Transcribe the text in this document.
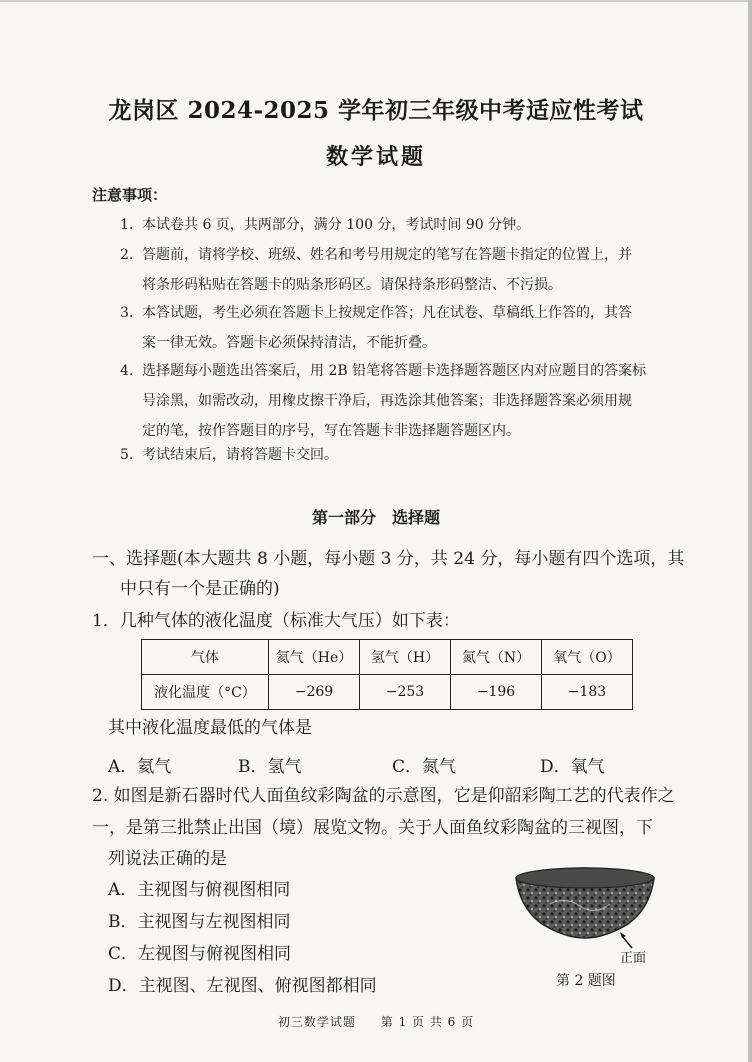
龙岗区 2024-2025 学年初三年级中考适应性考试
数学试题
注意事项：
1. 本试卷共 6 页，共两部分，满分 100 分，考试时间 90 分钟。
2. 答题前，请将学校、班级、姓名和考号用规定的笔写在答题卡指定的位置上，并
将条形码粘贴在答题卡的贴条形码区。请保持条形码整洁、不污损。
3. 本答试题，考生必须在答题卡上按规定作答；凡在试卷、草稿纸上作答的，其答
案一律无效。答题卡必须保持清洁，不能折叠。
4. 选择题每小题选出答案后，用 2B 铅笔将答题卡选择题答题区内对应题目的答案标
号涂黑，如需改动，用橡皮擦干净后，再选涂其他答案；非选择题答案必须用规
定的笔，按作答题目的序号，写在答题卡非选择题答题区内。
5. 考试结束后，请将答题卡交回。
第一部分　选择题
一、选择题(本大题共 8 小题，每小题 3 分，共 24 分，每小题有四个选项，其
中只有一个是正确的)
1．几种气体的液化温度（标准大气压）如下表：
气体	氦气（He）	氢气（H）	氮气（N）	氧气（O）
液化温度（°C）	−269	−253	−196	−183
其中液化温度最低的气体是
A．氦气	B．氢气	C．氮气	D．氧气
2. 如图是新石器时代人面鱼纹彩陶盆的示意图，它是仰韶彩陶工艺的代表作之
一，是第三批禁止出国（境）展览文物。关于人面鱼纹彩陶盆的三视图，下
列说法正确的是
A．主视图与俯视图相同
B．主视图与左视图相同
C．左视图与俯视图相同
D．主视图、左视图、俯视图都相同
正面
第 2 题图
初三数学试题 第 1 页 共 6 页
